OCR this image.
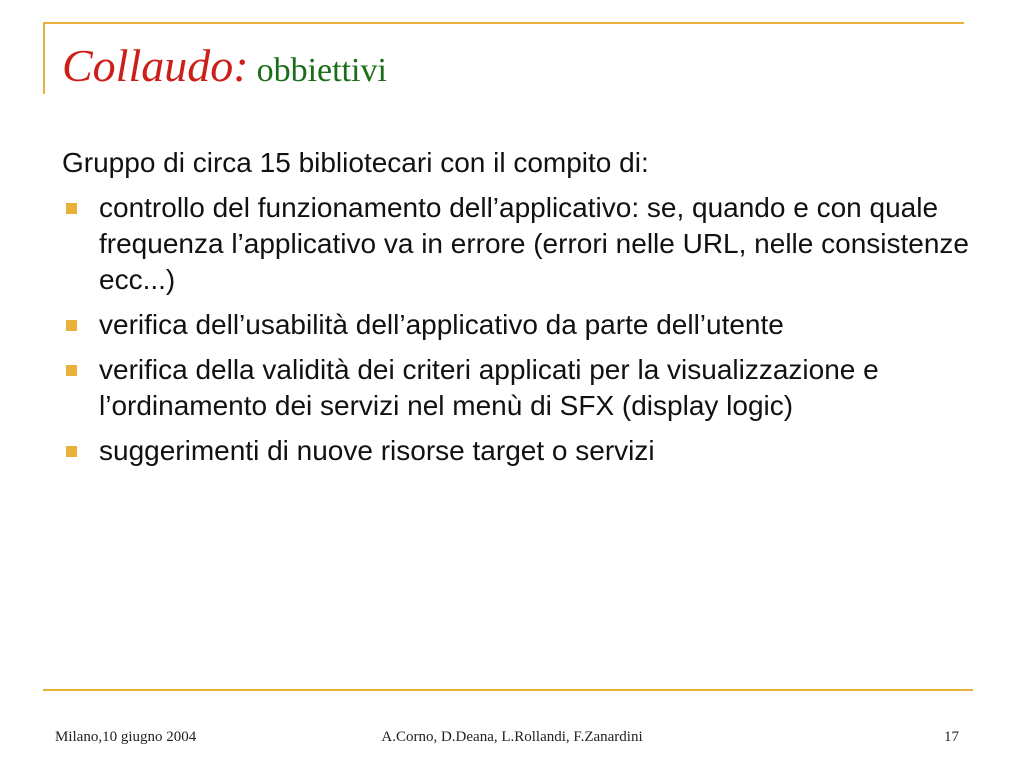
Collaudo: obbiettivi

Gruppo di circa 15 bibliotecari con il compito di:

controllo del funzionamento dell’applicativo: se, quando e con quale frequenza l’applicativo va in errore (errori nelle URL, nelle consistenze ecc...)
verifica dell’usabilità dell’applicativo da parte dell’utente
verifica della validità dei criteri applicati per la visualizzazione e l’ordinamento dei servizi nel menù di SFX (display logic)
suggerimenti di nuove risorse target o servizi
Milano,10 giugno 2004	A.Corno, D.Deana, L.Rollandi, F.Zanardini	17
